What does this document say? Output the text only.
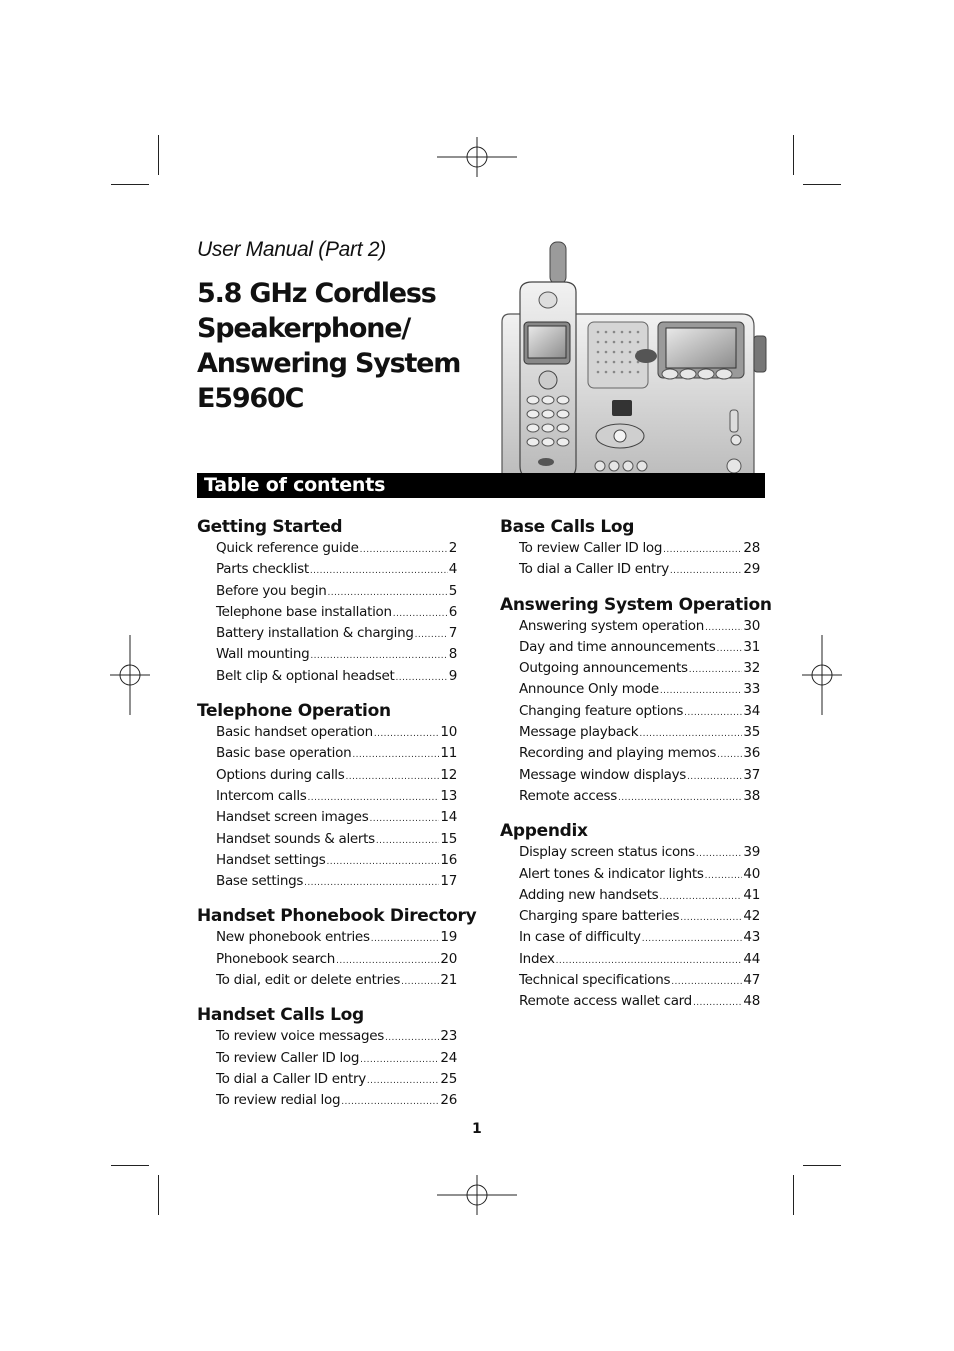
User Manual (Part 2)
5.8 GHz Cordless
Speakerphone/
Answering System
E5960C
Table of contents
Getting Started
Quick reference guide .....	2
Parts checklist .....	4
Before you begin .....	5
Telephone base installation .....	6
Battery installation & charging .....	7
Wall mounting .....	8
Belt clip & optional headset .....	9
Telephone Operation
Basic handset operation .....	10
Basic base operation .....	11
Options during calls .....	12
Intercom calls .....	13
Handset screen images .....	14
Handset sounds & alerts .....	15
Handset settings .....	16
Base settings .....	17
Handset Phonebook Directory
New phonebook entries .....	19
Phonebook search .....	20
To dial, edit or delete entries .....	21
Handset Calls Log
To review voice messages .....	23
To review Caller ID log .....	24
To dial a Caller ID entry .....	25
To review redial log .....	26
Base Calls Log
To review Caller ID log .....	28
To dial a Caller ID entry .....	29
Answering System Operation
Answering system operation .....	30
Day and time announcements ..... 31
Outgoing announcements .....	32
Announce Only mode .....	33
Changing feature options .....	34
Message playback .....	35
Recording and playing memos ..... 36
Message window displays .....	37
Remote access .....	38
Appendix
Display screen status icons .....	39
Alert tones & indicator lights .....	40
Adding new handsets .....	41
Charging spare batteries .....	42
In case of difficulty .....	43
Index .....	44
Technical specifications .....	47
Remote access wallet card .....	48
1
